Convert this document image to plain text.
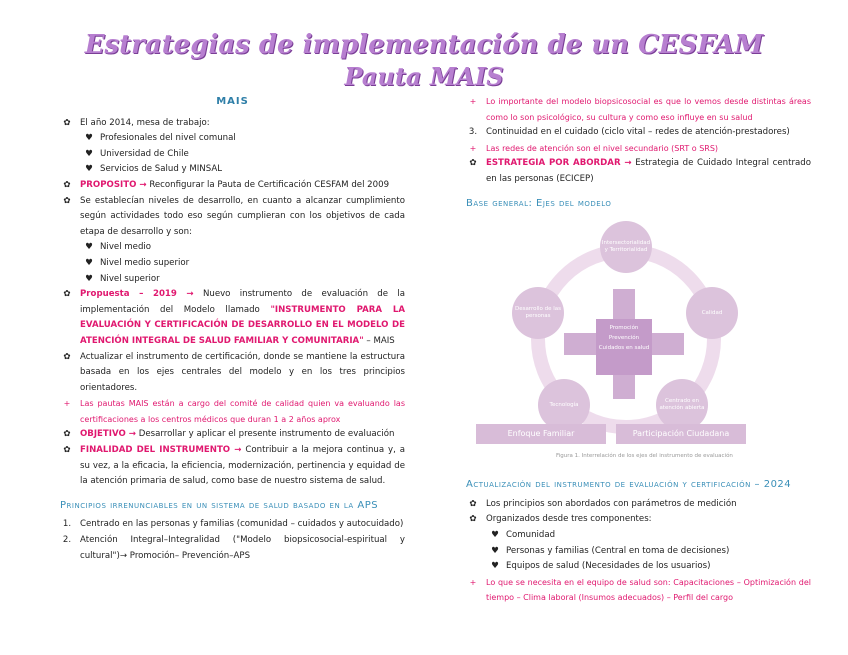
Estrategias de implementación de un CESFAM
Pauta MAIS
MAIS
✿	El año 2014, mesa de trabajo:
♥ Profesionales del nivel comunal
♥ Universidad de Chile
♥ Servicios de Salud y MINSAL
✿	PROPOSITO → Reconfigurar la Pauta de Certificación CESFAM del 2009
✿	Se establecían niveles de desarrollo, en cuanto a alcanzar cumplimiento según actividades todo eso según cumplieran con los objetivos de cada etapa de desarrollo y son:
♥ Nivel medio
♥ Nivel medio superior
♥ Nivel superior
✿	Propuesta – 2019 → Nuevo instrumento de evaluación de la implementación del Modelo llamado "INSTRUMENTO PARA LA EVALUACIÓN Y CERTIFICACIÓN DE DESARROLLO EN EL MODELO DE ATENCIÓN INTEGRAL DE SALUD FAMILIAR Y COMUNITARIA" – MAIS
✿	Actualizar el instrumento de certificación, donde se mantiene la estructura basada en los ejes centrales del modelo y en los tres principios orientadores.
+	Las pautas MAIS están a cargo del comité de calidad quien va evaluando las certificaciones a los centros médicos que duran 1 a 2 años aprox
✿	OBJETIVO → Desarrollar y aplicar el presente instrumento de evaluación
✿	FINALIDAD DEL INSTRUMENTO → Contribuir a la mejora continua y, a su vez, a la eficacia, la eficiencia, modernización, pertinencia y equidad de la atención primaria de salud, como base de nuestro sistema de salud.
Principios irrenunciables en un sistema de salud basado en la APS
1.	Centrado en las personas y familias (comunidad – cuidados y autocuidado)
2.	Atención Integral–Integralidad ("Modelo biopsicosocial-espiritual y cultural")→ Promoción– Prevención–APS
+	Lo importante del modelo biopsicosocial es que lo vemos desde distintas áreas como lo son psicológico, su cultura y como eso influye en su salud
3.	Continuidad en el cuidado (ciclo vital – redes de atención-prestadores)
+	Las redes de atención son el nivel secundario (SRT o SRS)
✿	ESTRATEGIA POR ABORDAR → Estrategia de Cuidado Integral centrado en las personas (ECICEP)
Base general: Ejes del modelo
Promoción
Prevención
Cuidados en salud
Intersectorialidad y Territorialidad
Calidad
Centrado en atención abierta
Tecnología
Desarrollo de las personas
Enfoque Familiar	Participación Ciudadana
Figura 1. Interrelación de los ejes del instrumento de evaluación
Actualización del instrumento de evaluación y certificación – 2024
✿	Los principios son abordados con parámetros de medición
✿	Organizados desde tres componentes:
♥ Comunidad
♥ Personas y familias (Central en toma de decisiones)
♥ Equipos de salud (Necesidades de los usuarios)
+	Lo que se necesita en el equipo de salud son: Capacitaciones – Optimización del tiempo – Clima laboral (Insumos adecuados) – Perfil del cargo
